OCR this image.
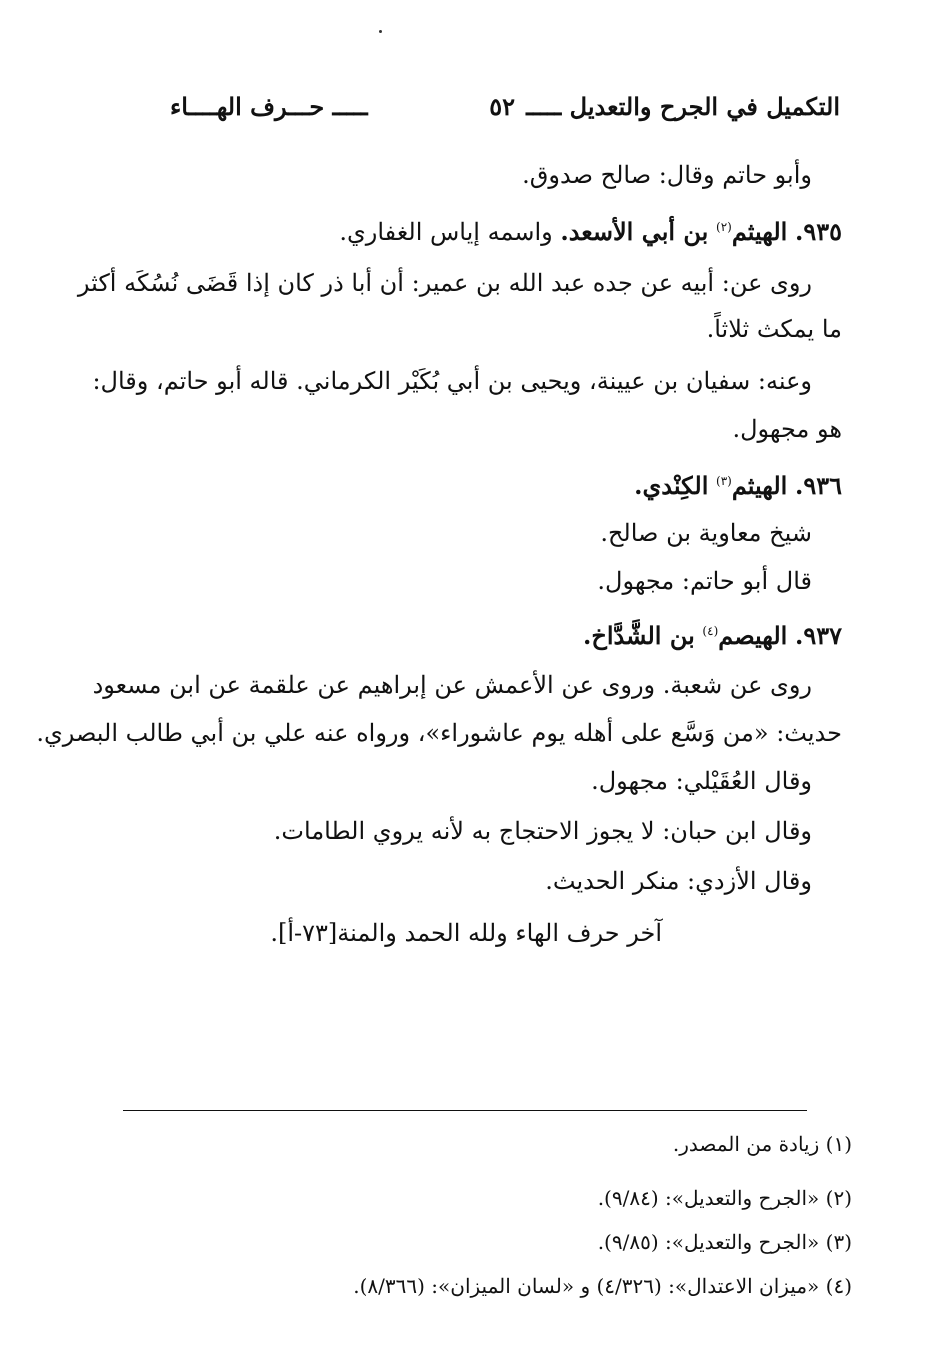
التكميل في الجرح والتعديل ـــــ
٥٢
ـــــ حـــرف الهــــاء
وأبو حاتم وقال: صالح صدوق.
٩٣٥. الهيثم$^{(٢)}$ بن أبي الأسعد. واسمه إياس الغفاري.
روى عن: أبيه عن جده عبد الله بن عمير: أن أبا ذر كان إذا قَضَى نُسُكَه أكثر
ما يمكث ثلاثاً.
وعنه: سفيان بن عيينة، ويحيى بن أبي بُكَيْر الكرماني. قاله أبو حاتم، وقال:
هو مجهول.
٩٣٦. الهيثم$^{(٣)}$ الكِنْدي.
شيخ معاوية بن صالح.
قال أبو حاتم: مجهول.
٩٣٧. الهيصم$^{(٤)}$ بن الشَّدَّاخ.
روى عن شعبة. وروى عن الأعمش عن إبراهيم عن علقمة عن ابن مسعود
حديث: «من وَسَّع على أهله يوم عاشوراء»، ورواه عنه علي بن أبي طالب البصري.
وقال العُقَيْلي: مجهول.
وقال ابن حبان: لا يجوز الاحتجاج به لأنه يروي الطامات.
وقال الأزدي: منكر الحديث.
آخر حرف الهاء ولله الحمد والمنة[٧٣-أ].
(١) زيادة من المصدر.
(٢) «الجرح والتعديل»: (٩/٨٤).
(٣) «الجرح والتعديل»: (٩/٨٥).
(٤) «ميزان الاعتدال»: (٤/٣٢٦) و «لسان الميزان»: (٨/٣٦٦).
